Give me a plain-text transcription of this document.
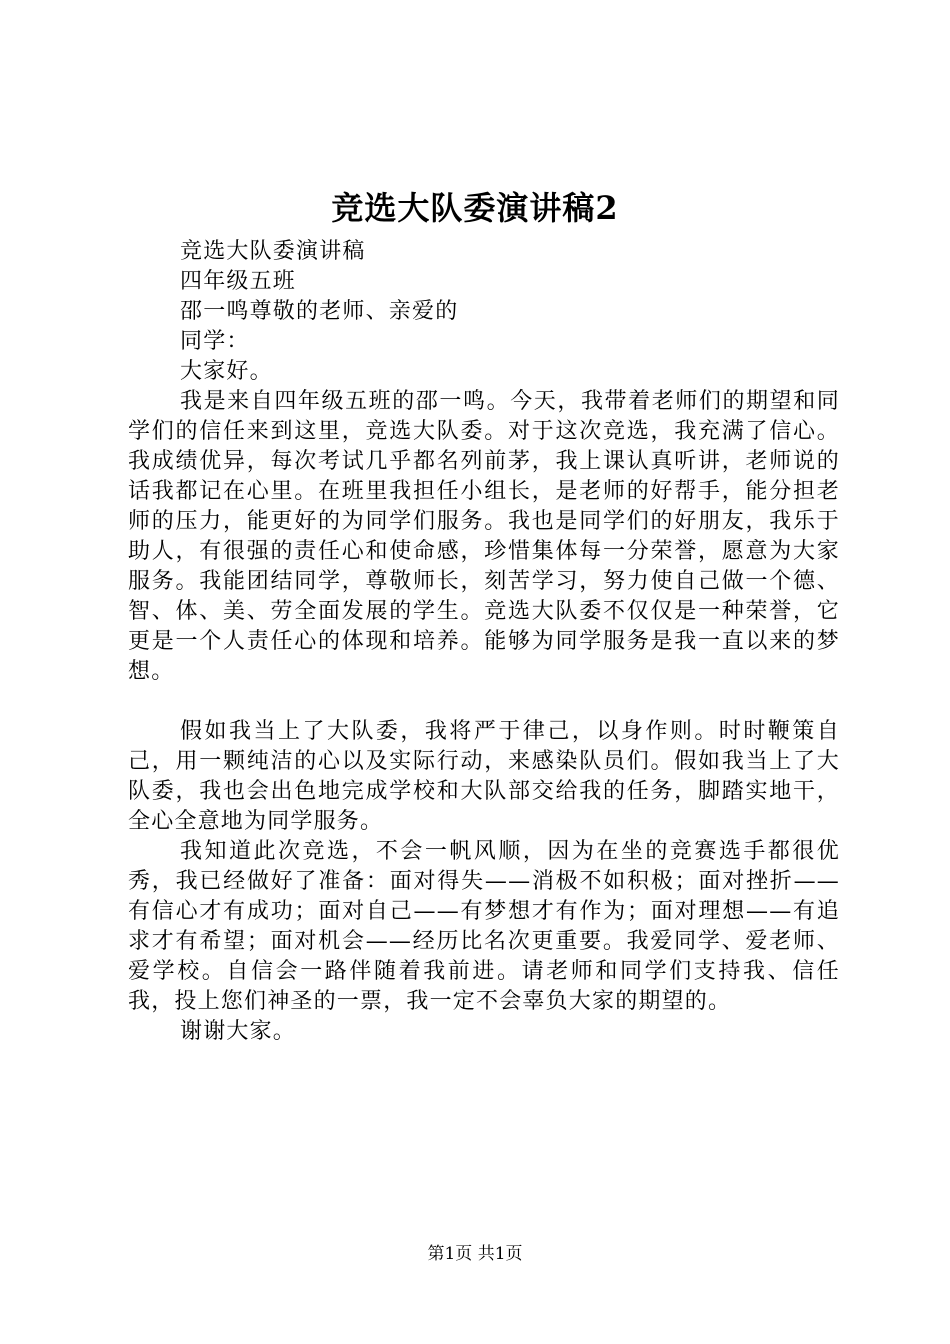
竞选大队委演讲稿2

竞选大队委演讲稿

四年级五班

邵一鸣尊敬的老师、亲爱的

同学：

大家好。

我是来自四年级五班的邵一鸣。今天，我带着老师们的期望和同学们的信任来到这里，竞选大队委。对于这次竞选，我充满了信心。我成绩优异，每次考试几乎都名列前茅，我上课认真听讲，老师说的话我都记在心里。在班里我担任小组长，是老师的好帮手，能分担老师的压力，能更好的为同学们服务。我也是同学们的好朋友，我乐于助人，有很强的责任心和使命感，珍惜集体每一分荣誉，愿意为大家服务。我能团结同学，尊敬师长，刻苦学习，努力使自己做一个德、智、体、美、劳全面发展的学生。竞选大队委不仅仅是一种荣誉，它更是一个人责任心的体现和培养。能够为同学服务是我一直以来的梦想。

假如我当上了大队委，我将严于律己，以身作则。时时鞭策自己，用一颗纯洁的心以及实际行动，来感染队员们。假如我当上了大队委，我也会出色地完成学校和大队部交给我的任务，脚踏实地干，全心全意地为同学服务。

我知道此次竞选，不会一帆风顺，因为在坐的竞赛选手都很优秀，我已经做好了准备：面对得失——消极不如积极；面对挫折——有信心才有成功；面对自己——有梦想才有作为；面对理想——有追求才有希望；面对机会——经历比名次更重要。我爱同学、爱老师、爱学校。自信会一路伴随着我前进。请老师和同学们支持我、信任我，投上您们神圣的一票，我一定不会辜负大家的期望的。

谢谢大家。

第1页 共1页
